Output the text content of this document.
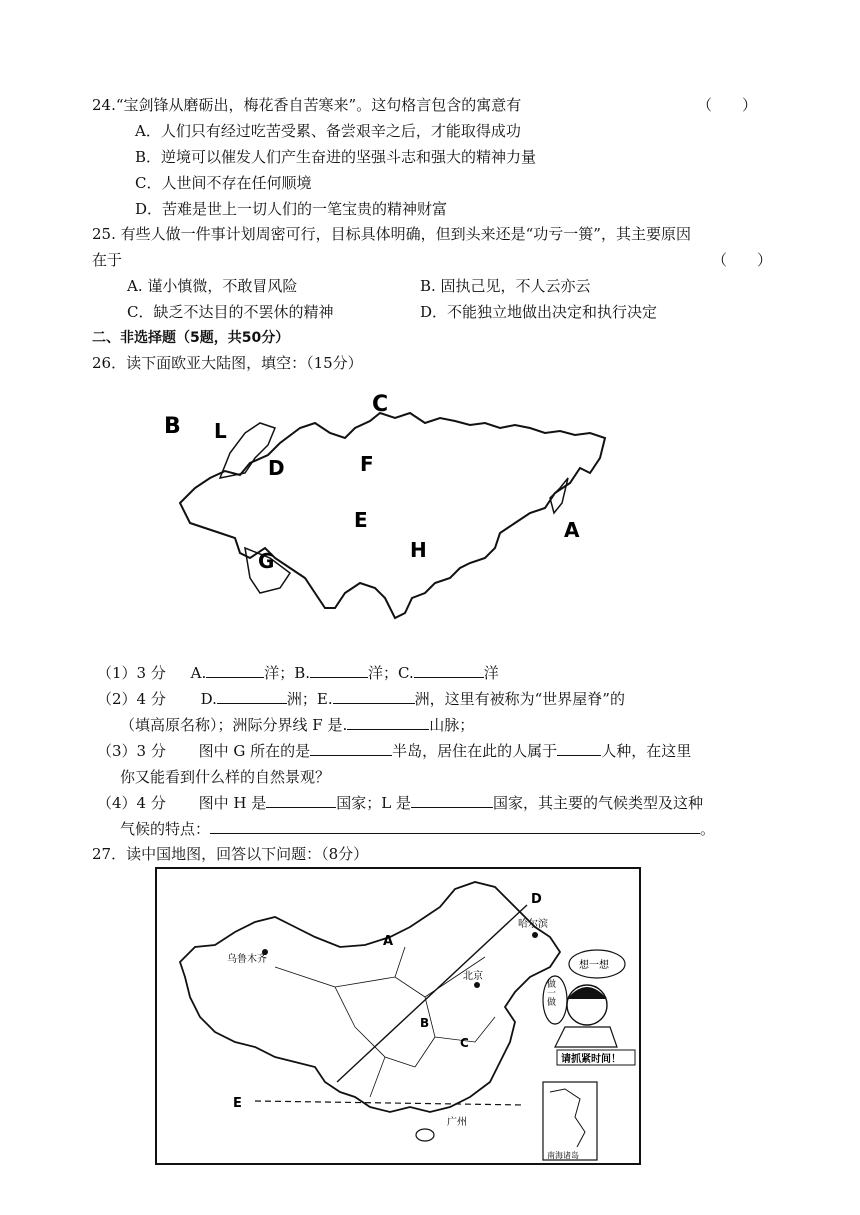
24.“宝剑锋从磨砺出，梅花香自苦寒来”。这句格言包含的寓意有	（　　）
A．人们只有经过吃苦受累、备尝艰辛之后，才能取得成功
B．逆境可以催发人们产生奋进的坚强斗志和强大的精神力量
C．人世间不存在任何顺境
D．苦难是世上一切人们的一笔宝贵的精神财富
25. 有些人做一件事计划周密可行，目标具体明确，但到头来还是“功亏一篑”，其主要原因
在于	（　　）
A. 谨小慎微，不敢冒风险	B. 固执己见，不人云亦云
C．缺乏不达目的不罢休的精神	D．不能独立地做出决定和执行决定
二、非选择题（5题，共50分）
26．读下面欧亚大陆图，填空：（15分）
B L
C
D	F
E
H
A
G
（1）3 分 A.	洋；B.	洋；C.	洋
（2）4 分 D.	洲；E.	洲，这里有被称为“世界屋脊”的
（填高原名称）；洲际分界线 F 是.	山脉；
（3）3 分 图中 G 所在的是	半岛，居住在此的人属于	人种，在这里
你又能看到什么样的自然景观？
（4）4 分 图中 H 是	国家；L 是	国家，其主要的气候类型及这种
气候的特点：	。
27．读中国地图，回答以下问题：（8分）
乌鲁木齐
哈尔滨
北京
广州
A
B
C
D
E
想一想
做一做
请抓紧时间！
南海诸岛
